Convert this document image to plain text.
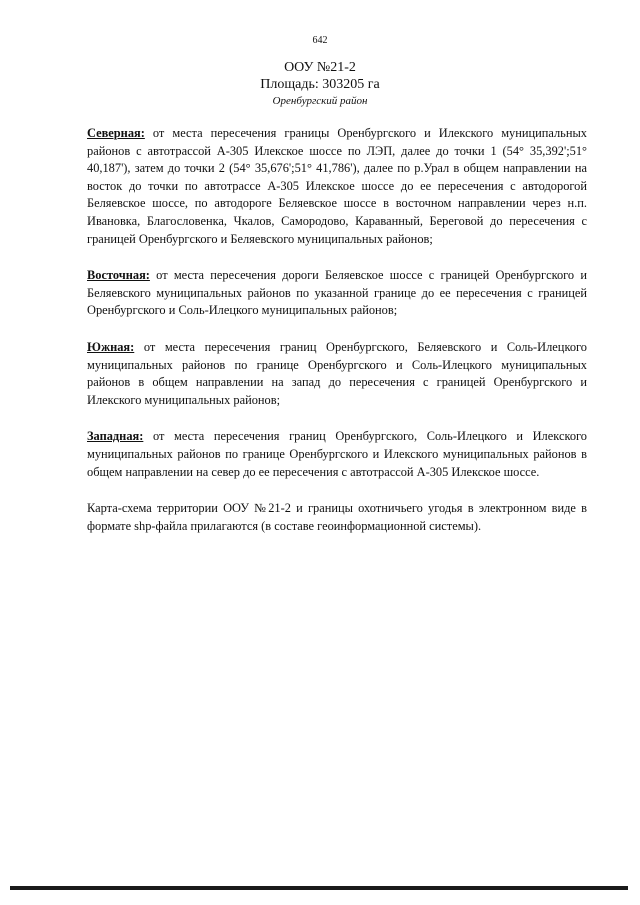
642
ООУ №21-2
Площадь: 303205 га
Оренбургский район

Северная: от места пересечения границы Оренбургского и Илекского муниципальных районов с автотрассой А-305 Илекское шоссе по ЛЭП, далее до точки 1 (54° 35,392';51° 40,187'), затем до точки 2 (54° 35,676';51° 41,786'), далее по р.Урал в общем направлении на восток до точки по автотрассе А-305 Илекское шоссе до ее пересечения с автодорогой Беляевское шоссе, по автодороге Беляевское шоссе в восточном направлении через н.п. Ивановка, Благословенка, Чкалов, Самородово, Караванный, Береговой до пересечения с границей Оренбургского и Беляевского муниципальных районов;

Восточная: от места пересечения дороги Беляевское шоссе с границей Оренбургского и Беляевского муниципальных районов по указанной границе до ее пересечения с границей Оренбургского и Соль-Илецкого муниципальных районов;

Южная: от места пересечения границ Оренбургского, Беляевского и Соль-Илецкого муниципальных районов по границе Оренбургского и Соль-Илецкого муниципальных районов в общем направлении на запад до пересечения с границей Оренбургского и Илекского муниципальных районов;

Западная: от места пересечения границ Оренбургского, Соль-Илецкого и Илекского муниципальных районов по границе Оренбургского и Илекского муниципальных районов в общем направлении на север до ее пересечения с автотрассой А-305 Илекское шоссе.

Карта-схема территории ООУ №21-2 и границы охотничьего угодья в электронном виде в формате shp-файла прилагаются (в составе геоинформационной системы).
